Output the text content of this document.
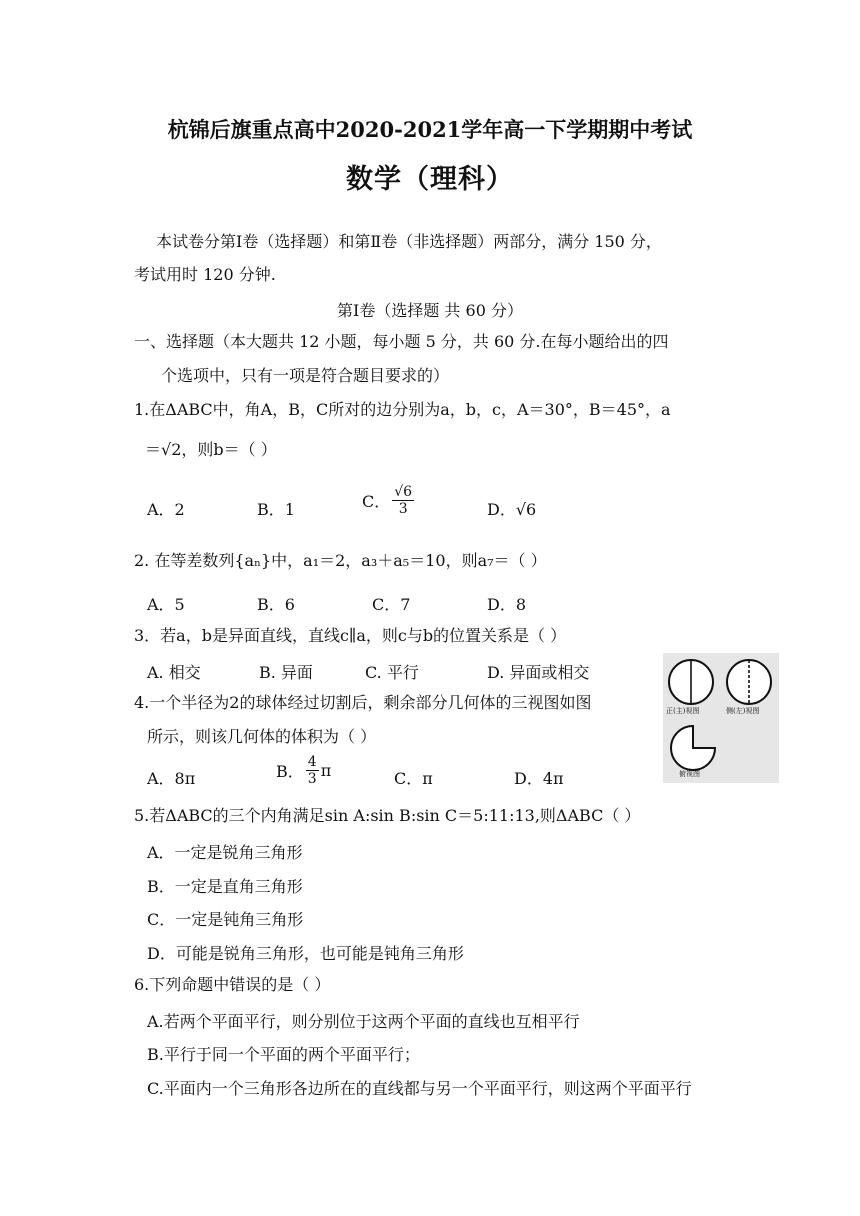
杭锦后旗重点高中2020-2021学年高一下学期期中考试
数学（理科）
本试卷分第Ⅰ卷（选择题）和第Ⅱ卷（非选择题）两部分，满分 150 分，
考试用时 120 分钟.
第Ⅰ卷（选择题 共 60 分）
一、选择题（本大题共 12 小题，每小题 5 分，共 60 分.在每小题给出的四
个选项中，只有一项是符合题目要求的）
1.在ΔABC中，角A，B，C所对的边分别为a，b，c，A＝30°，B＝45°，a
＝√2，则b＝（ ）
A．2	B．1	C． $\frac{√6}{3}$	D．√6
2. 在等差数列{aₙ}中，a₁＝2，a₃＋a₅＝10，则a₇＝（ ）
A．5	B．6	C．7	D．8
3．若a，b是异面直线，直线c∥a，则c与b的位置关系是（ ）
A. 相交	B. 异面	C. 平行	D. 异面或相交
4.一个半径为2的球体经过切割后，剩余部分几何体的三视图如图
所示，则该几何体的体积为（ ）
A．8π	B． $\frac{4}{3}$ π	C．π	D．4π
正(主)视图	侧(左)视图
俯视图
5.若ΔABC的三个内角满足sin A:sin B:sin C＝5:11:13,则ΔABC（ ）
A．一定是锐角三角形
B．一定是直角三角形
C．一定是钝角三角形
D．可能是锐角三角形，也可能是钝角三角形
6.下列命题中错误的是（ ）
A.若两个平面平行，则分别位于这两个平面的直线也互相平行
B.平行于同一个平面的两个平面平行；
C.平面内一个三角形各边所在的直线都与另一个平面平行，则这两个平面平行
